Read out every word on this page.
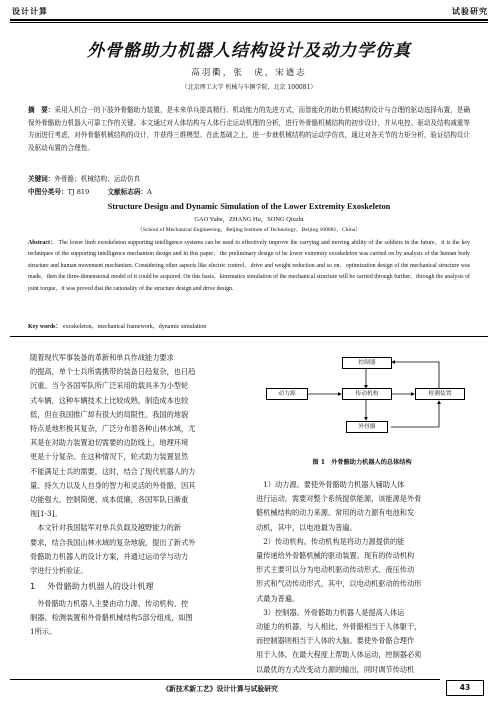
设计计算	试验研究
外骨骼助力机器人结构设计及动力学仿真
高羽衢，张　虎，宋遒志
（北京理工大学 机械与车辆学院，北京 100081）
摘　要：采用人机合一的下肢外骨骼助力装置，是未来单兵提高精行、机动能力的先进方式，而智能化的助力机械结构设计与合理的驱动选择布置，是确保外骨骼助力机器人可靠工作的关键。本文通过对人体结构与人体行走运动机理的分析，进行外骨骼机械结构的初步设计，并从电控、驱动及结构减重等方面进行考虑，对外骨骼机械结构的设计，并获得三维模型。在此基础之上，进一步就机械结构的运动学仿真，通过对各关节的力矩分析，验证结构设计及驱动布置的合理性。
关键词：外骨骼；机械结构；运动仿真
中图分类号：TJ 819	文献标志码：A
Structure Design and Dynamic Simulation of the Lower Extremity Exoskeleton
GAO Yuhe，ZHANG Hu，SONG Qiuzhi
（School of Mechanical Engineering，Beijing Institute of Technology，Beijing 100081，China）
Abstract： The lower limb exoskeleton supporting intelligence systems can be used to effectively improve the carrying and moving ability of the soldiers in the future，it is the key techniques of the supporting intelligence mechanism design and in this paper，the preliminary design of he lower extremity exoskeleton was carried on by analysis of the human body structure and human movement mechanism. Considering other aspects like electric control，drive and weight reduction and so on，optimization design of the mechanical structure was made，then the three-dimensional model of it could be acquired. On this basis，kinematics simulation of the mechanical structure will be carried through further，through the analysis of joint torque，it was proved that the rationality of the structure design and drive design.
Key words： exoskeleton，mechanical framework，dynamic simulation
随着现代军事装备的革新和单兵作战能力要求
的提高，单个士兵所需携带的装备日趋复杂，也日趋
沉重。当今各国军队所广泛采用的载具多为小型轮
式车辆，这种车辆技术上比较成熟，制造成本也较
低，但在我国推广却有很大的局限性。我国的地貌
特点是地形极其复杂，广泛分布着各种山林水域，尤
其是在对助力装置迫切需要的边防线上，地理环境
更是十分复杂。在这种情况下，轮式助力装置显然
不能满足士兵的需要，这时，结合了现代机器人的力
量、持久力以及人自身的智力和灵活的外骨骼，因其
功能强大、控制简便、成本低廉，各国军队日渐重
视[1-3]。
　本文针对我国陆军对单兵负载及越野能力的新
要求，结合我国山林水域的复杂地貌，提出了新式外
骨骼助力机器人的设计方案，并通过运动学与动力
学进行分析验证。
1 外骨骼助力机器人的设计机理
　外骨骼助力机器人主要由动力源、传动机构、控
制器、检测装置和外骨骼机械结构5部分组成，如图
1所示。
控制器
动力源	传动机构	检测装置
外骨骼
图 1　外骨骼助力机器人的总体结构
　1）动力源。要使外骨骼助力机器人辅助人体
进行运动，需要对整个系统提供能源，该能源是外骨
骼机械结构的动力来源。常用的动力源有电池和发
动机，其中，以电池最为普遍。
　2）传动机构。传动机构是将动力源提供的能
量传递给外骨骼机械的驱动装置。现有的传动机构
形式主要可以分为电动机驱动传动形式、液压传动
形式和气动传动形式，其中，以电动机驱动的传动形
式最为普遍。
　3）控制器。外骨骼助力机器人是提高人体运
动能力的机器，与人相比，外骨骼相当于人体躯干，
而控制器则相当于人体的大脑。要使外骨骼合理作
用于人体，在最大程度上帮助人体运动，控制器必须
以最优的方式改变动力源的输出，同时调节传动机
《新技术新工艺》设计计算与试验研究	43
